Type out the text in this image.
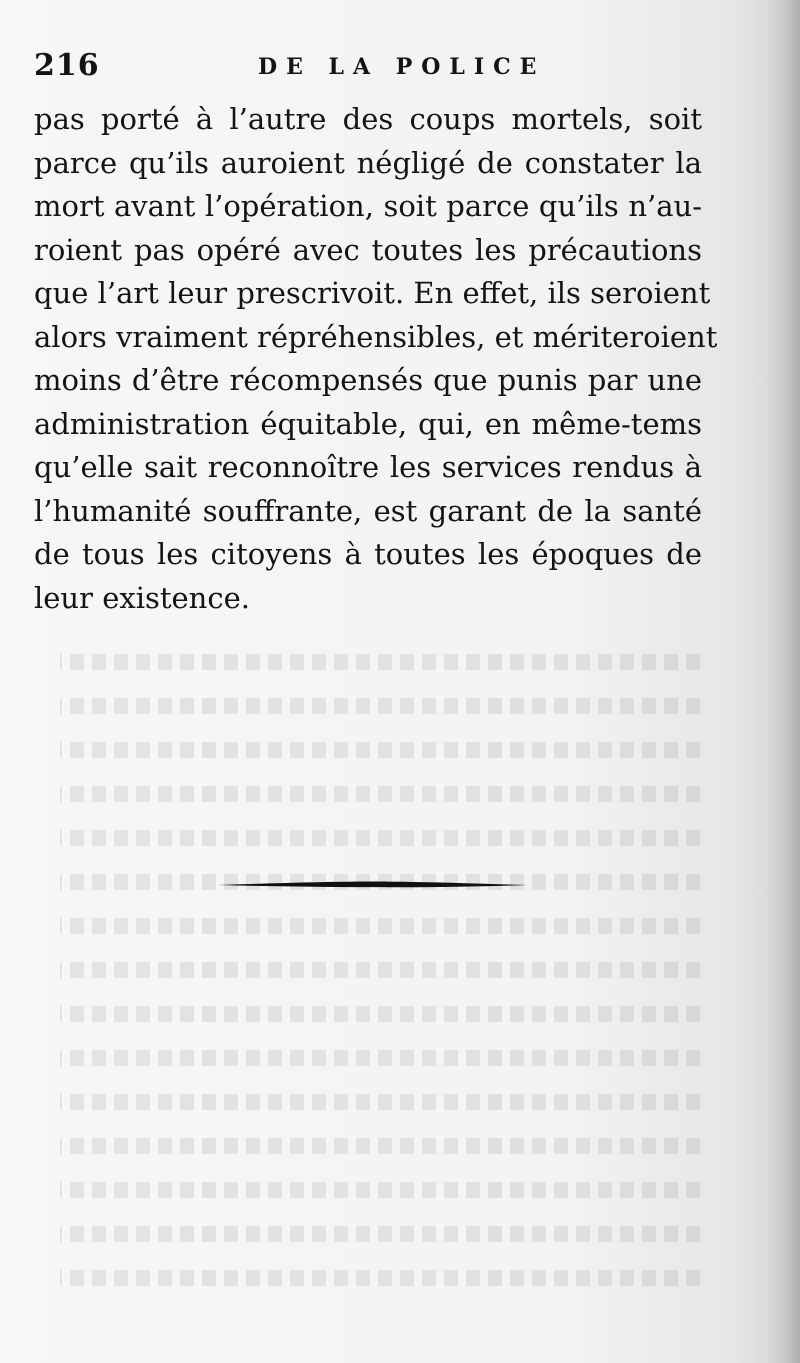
216	DE LA POLICE
pas porté à l’autre des coups mortels, soit
parce qu’ils auroient négligé de constater la
mort avant l’opération, soit parce qu’ils n’au-
roient pas opéré avec toutes les précautions
que l’art leur prescrivoit. En effet, ils seroient
alors vraiment répréhensibles, et mériteroient
moins d’être récompensés que punis par une
administration équitable, qui, en même-tems
qu’elle sait reconnoître les services rendus à
l’humanité souffrante, est garant de la santé
de tous les citoyens à toutes les époques de
leur existence.
